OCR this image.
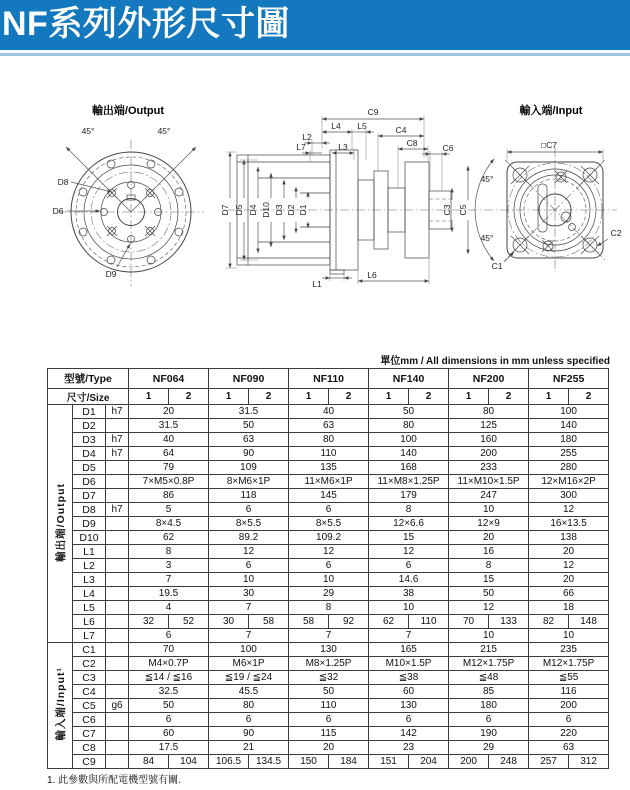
NF系列外形尺寸圖
輸出端/Output
45°	45°
D8
D6
D9
C9
L4 L5
L2
L7	L3
C4
C8	C6
D7 D5 D4 D10 D3 D2 D1	C3 C5
L1
L6
輸入端/Input
□C7
45°
45°
C1
C2
單位mm / All dimensions in mm unless specified
型號/Type			NF064		NF090		NF110		NF140		NF200		NF255	
尺寸/Size			1	2	1	2	1	2	1	2	1	2	1	2
輸出端/Output	D1	h7	20		31.5		40		50		80		100	
	D2		31.5		50		63		80		125		140	
	D3	h7	40		63		80		100		160		180	
	D4	h7	64		90		110		140		200		255	
	D5		79		109		135		168		233		280	
	D6		7×M5×0.8P		8×M6×1P		11×M6×1P		11×M8×1.25P		11×M10×1.5P		12×M16×2P	
	D7		86		118		145		179		247		300	
	D8	h7	5		6		6		8		10		12	
	D9		8×4.5		8×5.5		8×5.5		12×6.6		12×9		16×13.5	
	D10		62		89.2		109.2		15		20		138	
	L1		8		12		12		12		16		20	
	L2		3		6		6		6		8		12	
	L3		7		10		10		14.6		15		20	
	L4		19.5		30		29		38		50		66	
	L5		4		7		8		10		12		18	
	L6		32	52	30	58	58	92	62	110	70	133	82	148
	L7		6		7		7		7		10		10	
輸入端/Input¹	C1		70		100		130		165		215		235	
	C2		M4×0.7P		M6×1P		M8×1.25P		M10×1.5P		M12×1.75P		M12×1.75P	
	C3		≦14 / ≦16		≦19 / ≦24		≦32		≦38		≦48		≦55	
	C4		32.5		45.5		50		60		85		116	
	C5	g6	50		80		110		130		180		200	
	C6		6		6		6		6		6		6	
	C7		60		90		115		142		190		220	
	C8		17.5		21		20		23		29		63	
	C9		84	104	106.5	134.5	150	184	151	204	200	248	257	312
1. 此參數與所配電機型號有關.
